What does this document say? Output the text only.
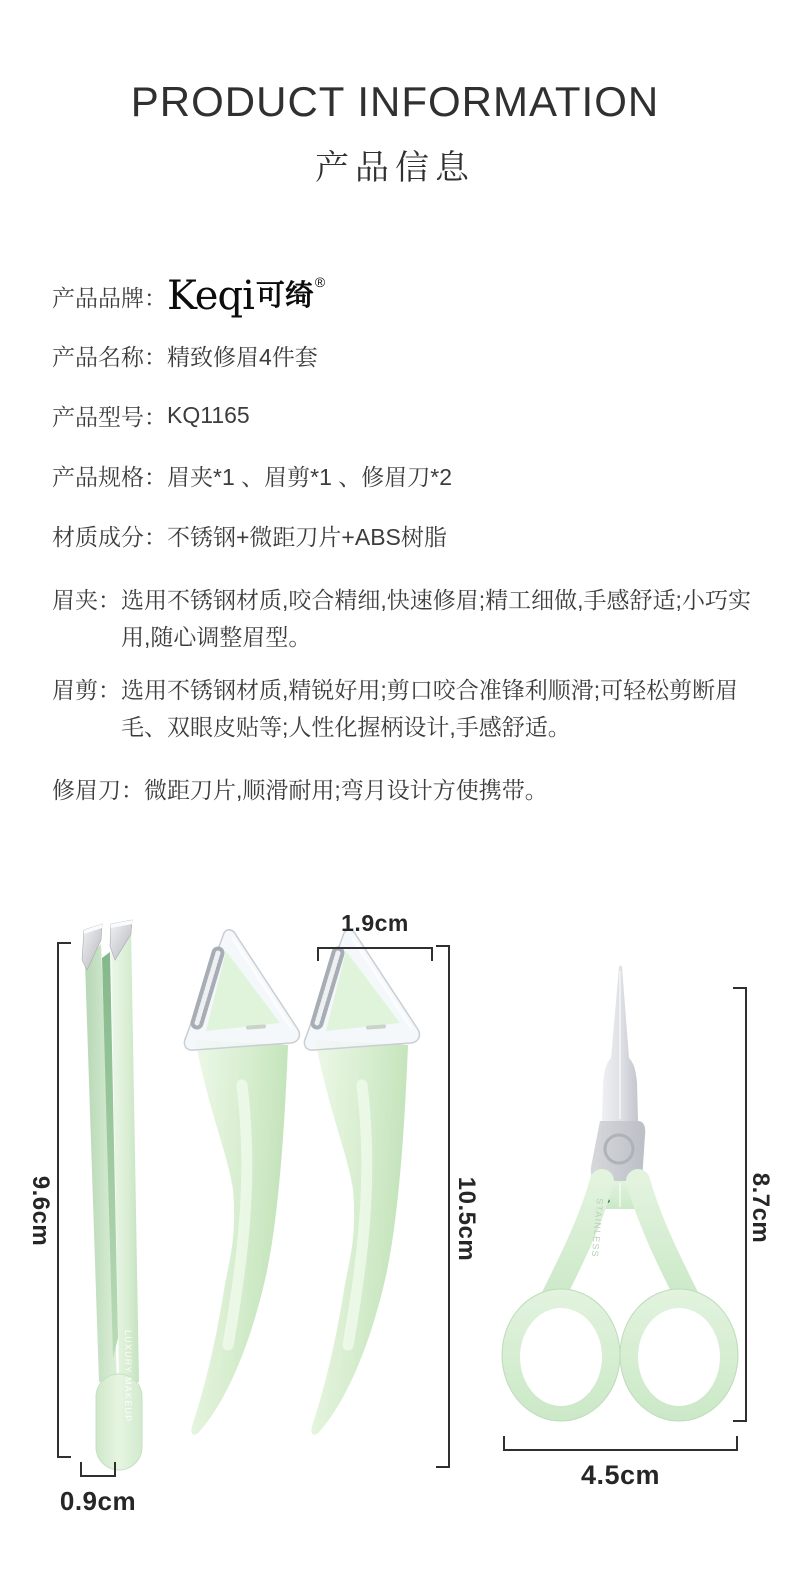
PRODUCT INFORMATION
产品信息
产品品牌： Keqi 可绮 ®
产品名称： 精致修眉4件套
产品型号： KQ1165
产品规格： 眉夹*1 、眉剪*1 、修眉刀*2
材质成分： 不锈钢+微距刀片+ABS树脂
眉夹： 选用不锈钢材质,咬合精细,快速修眉;精工细做,手感舒适;小巧实用,随心调整眉型。
眉剪： 选用不锈钢材质,精锐好用;剪口咬合准锋利顺滑;可轻松剪断眉毛、双眼皮贴等;人性化握柄设计,手感舒适。
修眉刀： 微距刀片,顺滑耐用;弯月设计方使携带。
LUXURY MAKEUP
STAINLESS
9.6cm
0.9cm
1.9cm
10.5cm	8.7cm
4.5cm
